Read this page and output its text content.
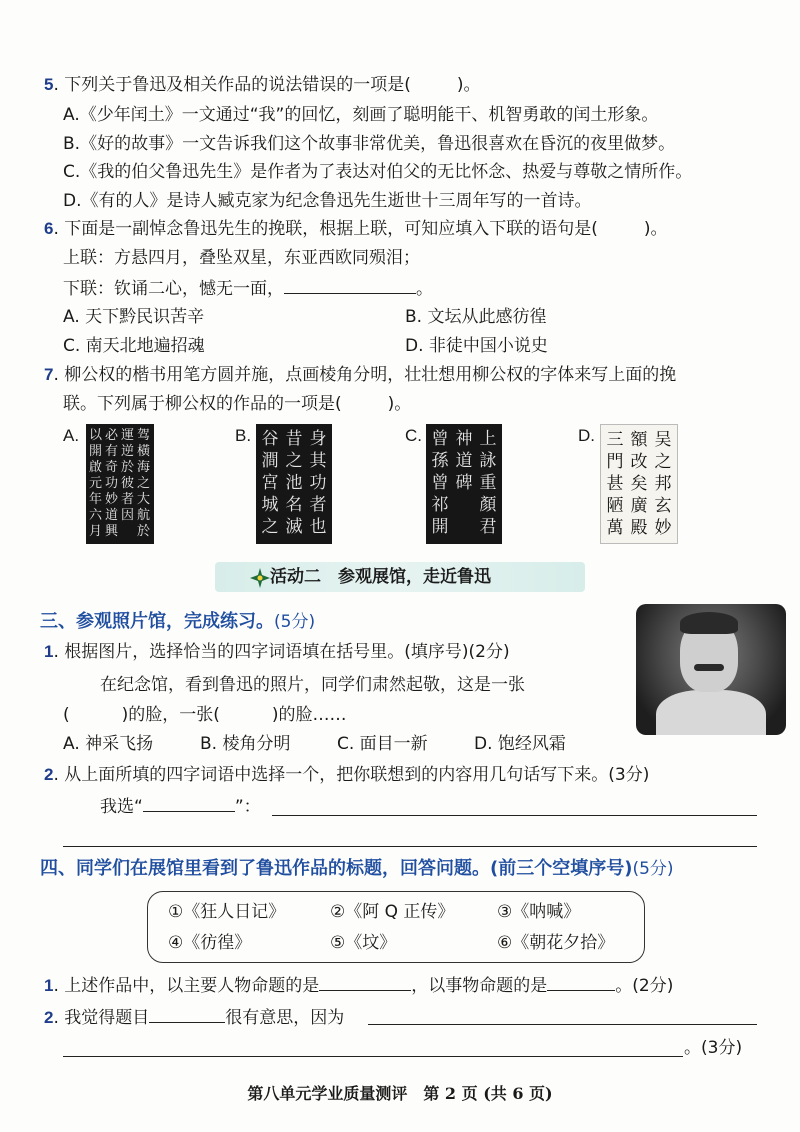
5. 下列关于鲁迅及相关作品的说法错误的一项是(	)。
A.《少年闰土》一文通过“我”的回忆，刻画了聪明能干、机智勇敢的闰土形象。
B.《好的故事》一文告诉我们这个故事非常优美，鲁迅很喜欢在昏沉的夜里做梦。
C.《我的伯父鲁迅先生》是作者为了表达对伯父的无比怀念、热爱与尊敬之情所作。
D.《有的人》是诗人臧克家为纪念鲁迅先生逝世十三周年写的一首诗。
6. 下面是一副悼念鲁迅先生的挽联，根据上联，可知应填入下联的语句是(	)。
上联：方悬四月，叠坠双星，东亚西欧同殒泪；
下联：钦诵二心，憾无一面，	。
A. 天下黔民识苦辛	B. 文坛从此感彷徨
C. 南天北地遍招魂	D. 非徒中国小说史
7. 柳公权的楷书用笔方圆并施，点画棱角分明，壮壮想用柳公权的字体来写上面的挽
联。下列属于柳公权的作品的一项是(	)。
A. 以開啟元年六月
必有奇功妙道興
運逆於彼者因
驾橫海之大航於
B. 谷澗宮城之
昔之池名滅
身其功者也
C. 曾孫曾祁開
神道碑
上詠重顏君
D. 三門甚陋萬
額改矣廣殿
吴之邦玄妙
活动二　参观展馆，走近鲁迅
三、参观照片馆，完成练习。(5分)
1. 根据图片，选择恰当的四字词语填在括号里。(填序号)(2分)
在纪念馆，看到鲁迅的照片，同学们肃然起敬，这是一张
(	)的脸，一张(	)的脸……
A. 神采飞扬	B. 棱角分明	C. 面目一新	D. 饱经风霜
2. 从上面所填的四字词语中选择一个，把你联想到的内容用几句话写下来。(3分)
我选“	”：
四、同学们在展馆里看到了鲁迅作品的标题，回答问题。(前三个空填序号)(5分)
①《狂人日记》	②《阿 Q 正传》	③《呐喊》
④《彷徨》	⑤《坟》	⑥《朝花夕拾》
1. 上述作品中，以主要人物命题的是	，以事物命题的是	。(2分)
2. 我觉得题目	很有意思，因为
。(3分)
第八单元学业质量测评　第 2 页 (共 6 页)
